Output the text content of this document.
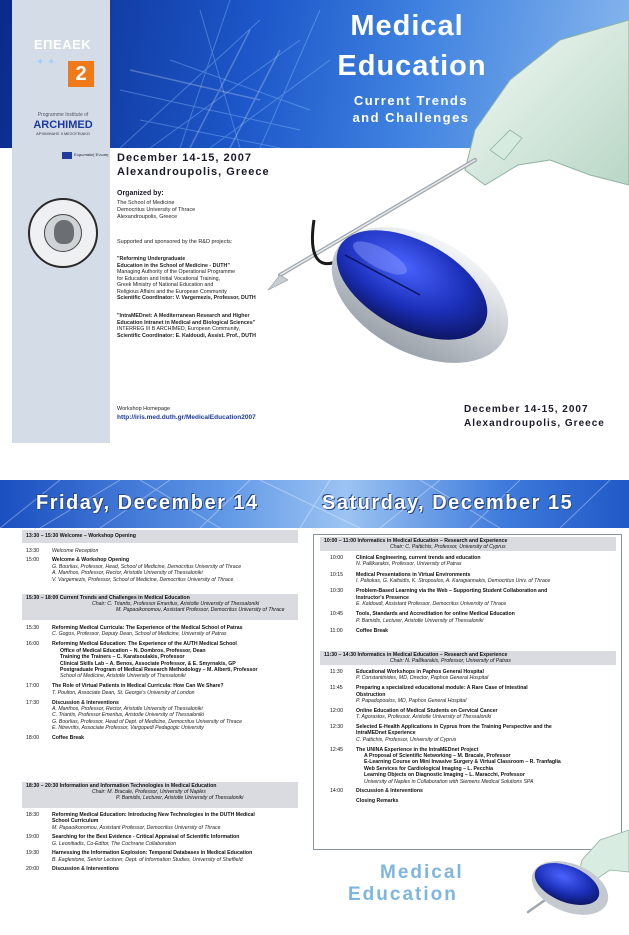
ΕΠΕΑΕΚ
✦ ✦
2
Programme Institute of
ARCHIMED
ΑΡΧΙΜΗΔΗΣ ΙΙ ΜΕΣΟΓΕΙΑΚΟ
Ευρωπαϊκή Ένωση
Medical
Education
Current Trends
and Challenges
December 14-15, 2007
Alexandroupolis, Greece
Organized by:
The School of Medicine
Democritus University of Thrace
Alexandroupolis, Greece
Supported and sponsored by the R&D projects:
"Reforming Undergraduate
Education in the School of Medicine - DUTH"
Managing Authority of the Operational Programme
for Education and Initial Vocational Training,
Greek Ministry of National Education and
Religious Affairs and the European Community
Scientific Coordinator: V. Vargemezis, Professor, DUTH
"IntraMEDnet: A Mediterranean Research and Higher
Education Intranet in Medical and Biological Sciences"
INTERREG III B ARCHIMED, European Community,
Scientific Coordinator: E. Kaldoudi, Assist. Prof., DUTH
Workshop Homepage
http://iris.med.duth.gr/MedicalEducation2007
December 14-15, 2007
Alexandroupolis, Greece
Friday, December 14	Saturday, December 15
13:30 – 15:30 Welcome – Workshop Opening
15:30 – 18:00 Current Trends and Challenges in Medical Education
Chair: C. Triantis, Professor Emeritus, Aristotle University of Thessaloniki
M. Papaoikonomou, Assistant Professor, Democritus University of Thrace
18:30 – 20:30 Information and Information Technologies in Medical Education
Chair: M. Bracale, Professor, University of Naples
P. Bamidis, Lecturer, Aristotle University of Thessaloniki
10:00 – 11:00 Informatics in Medical Education – Research and Experience
Chair: C. Pattichis, Professor, University of Cyprus
11:30 – 14:30 Informatics in Medical Education – Research and Experience
Chair: N. Pallikarakis, Professor, University of Patras
10:00	Clinical Engineering, current trends and education
N. Pallikarakis, Professor, University of Patras
10:15	Medical Presentations in Virtual Environments
I. Paliokas, G. Kaltsidis, K. Stropoulos, A. Karagiannakis, Democritus Univ. of Thrace
10:30	Problem-Based Learning via the Web – Supporting Student Collaboration and
Instructor's Presence
E. Kaldoudi, Assistant Professor, Democritus University of Thrace
10:45	Tools, Standards and Accreditation for online Medical Education
P. Bamidis, Lecturer, Aristotle University of Thessaloniki
11:00	Coffee Break
11:30	Educational Workshops in Paphos General Hospital
P. Constantinides, MD, Director, Paphos General Hospital
11:45	Preparing a specialized educational module: A Rare Case of Intestinal
Obstruction
P. Papadopoulos, MD, Paphos General Hospital
12:00	Online Education of Medical Students on Cervical Cancer
T. Agorastos, Professor, Aristotle University of Thessaloniki
12:30	Selected E-Health Applications in Cyprus from the Training Perspective and the
IntraMEDnet Experience
C. Pattichis, Professor, University of Cyprus
12:45	The UNINA Experience in the IntraMEDnet Project
A Proposal of Scientific Networking – M. Bracale, Professor
E-Learning Course on Mini Invasive Surgery & Virtual Classroom – R. Tranfaglia
Web Services for Cardiological Imaging – L. Pecchia
Learning Objects on Diagnostic Imaging – L. Maracchi, Professor
University of Naples in Collaboration with Siemens Medical Solutions SPA
14:00	Discussion & Interventions
Closing Remarks
Medical
Education
13:30	Welcome Reception
15:00	Welcome & Workshop Opening
G. Bourlias, Professor, Head, School of Medicine, Democritus University of Thrace
A. Manthos, Professor, Rector, Aristotle University of Thessaloniki
V. Vargemezis, Professor, School of Medicine, Democritus University of Thrace
15:30	Reforming Medical Curricula: The Experience of the Medical School of Patras
C. Gogos, Professor, Deputy Dean, School of Medicine, University of Patras
16:00	Reforming Medical Education: The Experience of the AUTH Medical School
Office of Medical Education – N. Dombros, Professor, Dean
Training the Trainers – C. Karatsoulakis, Professor
Clinical Skills Lab – A. Benos, Associate Professor, & E. Smyrnakis, GP
Postgraduate Program of Medical Research Methodology – M. Alberti, Professor
School of Medicine, Aristotle University of Thessaloniki
17:00	The Role of Virtual Patients in Medical Curricula: How Can We Share?
T. Poulton, Associate Dean, St. George's University of London
17:30	Discussion & Interventions
A. Manthos, Professor, Rector, Aristotle University of Thessaloniki
C. Triantis, Professor Emeritus, Aristotle University of Thessaloniki
G. Bourlias, Professor, Head of Dept. of Medicine, Democritus University of Thrace
E. Ntrevritis, Associate Professor, Vargopedi Pedagogic University
18:00	Coffee Break
18:30	Reforming Medical Education: Introducing New Technologies in the DUTH Medical
School Curriculum
M. Papaoikonomou, Assistant Professor, Democritus University of Thrace
19:00	Searching for the Best Evidence - Critical Appraisal of Scientific Information
G. Leonitiadis, Co-Editor, The Cochrane Collaboration
19:30	Harnessing the Information Explosion: Temporal Databases in Medical Education
B. Eaglestone, Senior Lecturer, Dept. of Information Studies, University of Sheffield
20:00	Discussion & Interventions
